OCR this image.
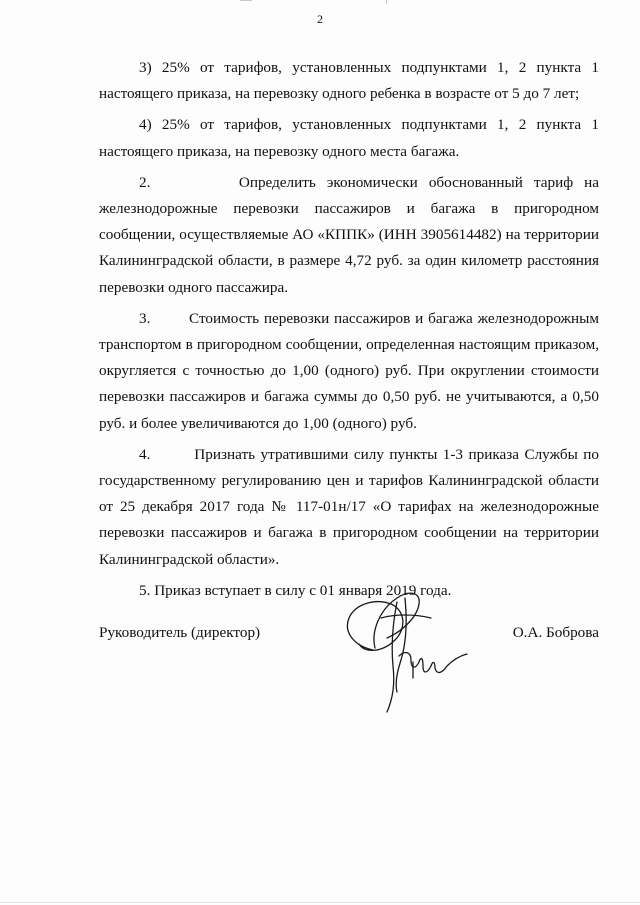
2

3) 25% от тарифов, установленных подпунктами 1, 2 пункта 1 настоящего приказа, на перевозку одного ребенка в возрасте от 5 до 7 лет;

4) 25% от тарифов, установленных подпунктами 1, 2 пункта 1 настоящего приказа, на перевозку одного места багажа.

2.        Определить экономически обоснованный тариф на железнодорожные перевозки пассажиров и багажа в пригородном сообщении, осуществляемые АО «КППК» (ИНН 3905614482) на территории Калининградской области, в размере 4,72 руб. за один километр расстояния перевозки одного пассажира.

3.        Стоимость перевозки пассажиров и багажа железнодорожным транспортом в пригородном сообщении, определенная настоящим приказом, округляется с точностью до 1,00 (одного) руб. При округлении стоимости перевозки пассажиров и багажа суммы до 0,50 руб. не учитываются, а 0,50 руб. и более увеличиваются до 1,00 (одного) руб.

4.        Признать утратившими силу пункты 1-3 приказа Службы по государственному регулированию цен и тарифов Калининградской области от 25 декабря 2017 года № 117-01н/17 «О тарифах на железнодорожные перевозки пассажиров и багажа в пригородном сообщении на территории Калининградской области».

5. Приказ вступает в силу с 01 января 2019 года.

Руководитель (директор)	О.А. Боброва
